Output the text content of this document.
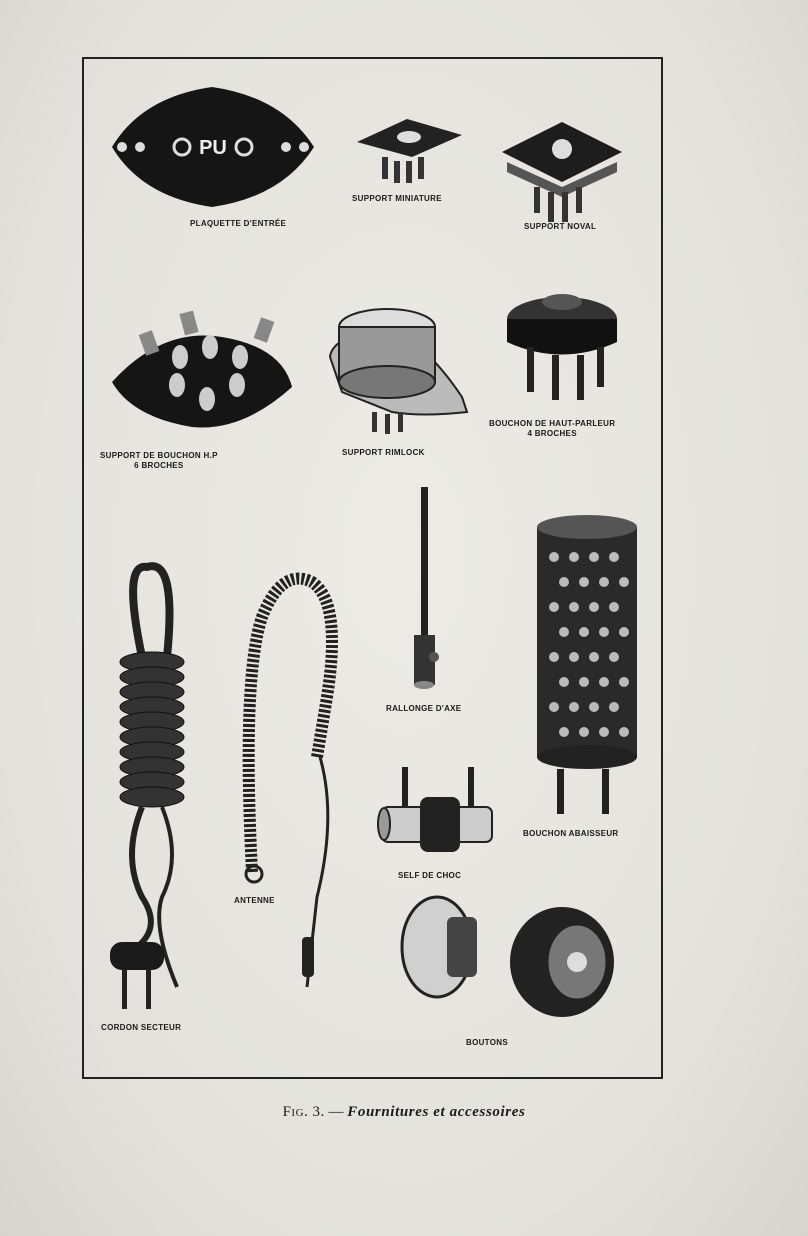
PU
PLAQUETTE D'ENTRÉE
SUPPORT MINIATURE
SUPPORT NOVAL
SUPPORT DE BOUCHON H.P
6 BROCHES
SUPPORT RIMLOCK
BOUCHON DE HAUT-PARLEUR
4 BROCHES
RALLONGE D'AXE
BOUCHON ABAISSEUR
SELF DE CHOC
ANTENNE
BOUTONS
CORDON SECTEUR
Fig. 3. — Fournitures et accessoires
